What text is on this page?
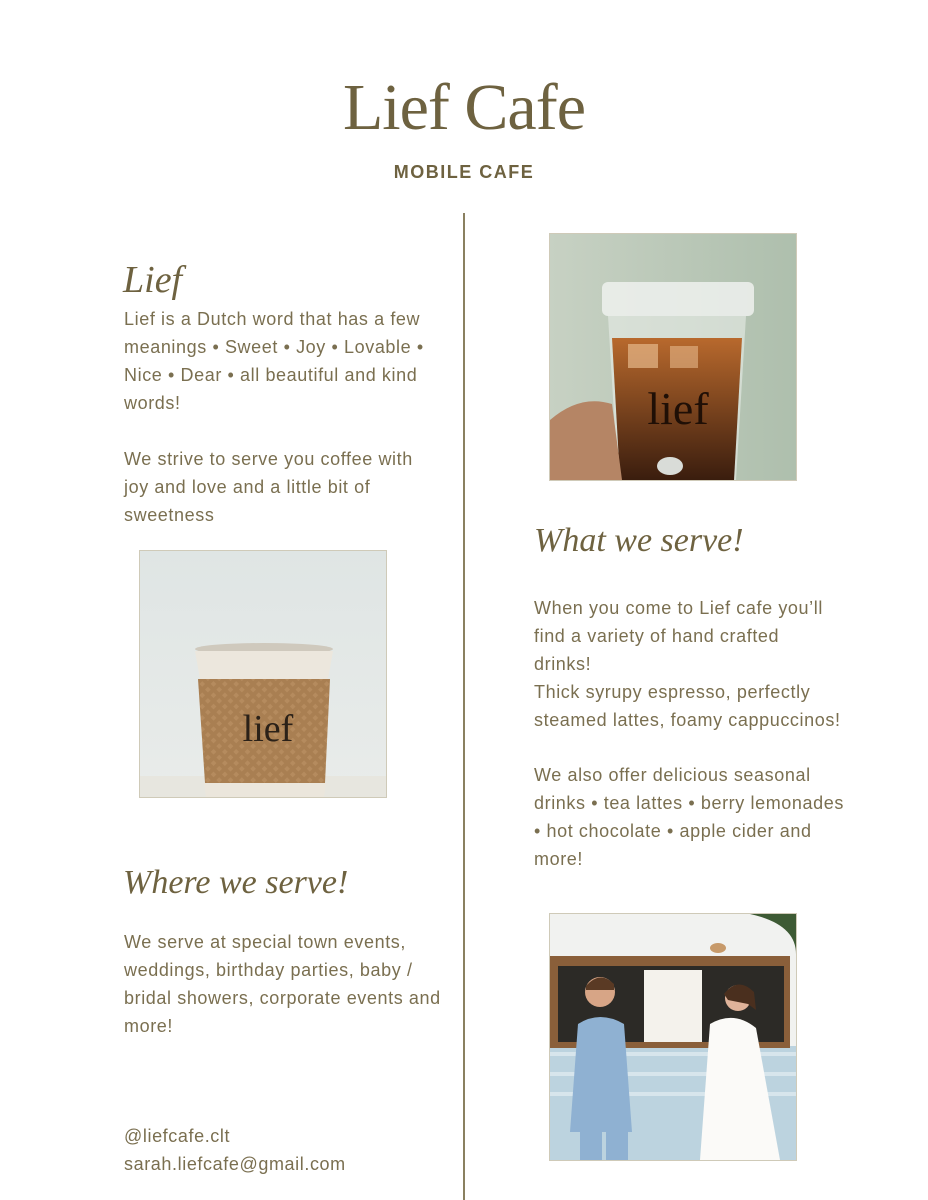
Lief Cafe
MOBILE CAFE
Lief

Lief is a Dutch word that has a few meanings • Sweet • Joy • Lovable • Nice • Dear • all beautiful and kind words!

We strive to serve you coffee with joy and love and a little bit of sweetness

lief
Where we serve!

We serve at special town events, weddings, birthday parties, baby / bridal showers, corporate events and more!

@liefcafe.clt
sarah.liefcafe@gmail.com
lief
What we serve!

When you come to Lief cafe you’ll find a variety of hand crafted drinks!

Thick syrupy espresso, perfectly steamed lattes, foamy cappuccinos!

We also offer delicious seasonal drinks • tea lattes • berry lemonades • hot chocolate • apple cider and more!
